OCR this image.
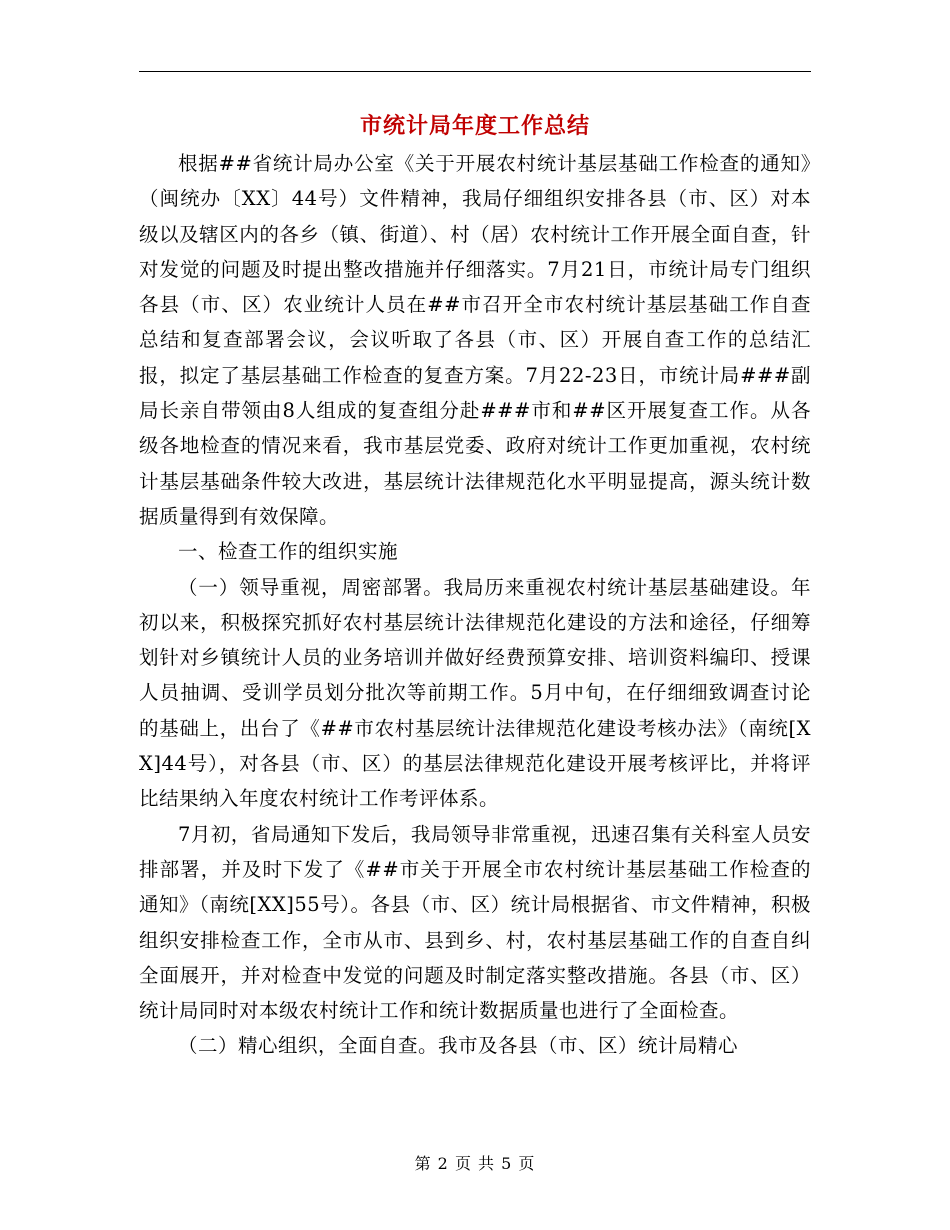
市统计局年度工作总结

根据##省统计局办公室《关于开展农村统计基层基础工作检查的通知》（闽统办〔XX〕44号）文件精神，我局仔细组织安排各县（市、区）对本级以及辖区内的各乡（镇、街道）、村（居）农村统计工作开展全面自查，针对发觉的问题及时提出整改措施并仔细落实。7月21日，市统计局专门组织各县（市、区）农业统计人员在##市召开全市农村统计基层基础工作自查总结和复查部署会议，会议听取了各县（市、区）开展自查工作的总结汇报，拟定了基层基础工作检查的复查方案。7月22-23日，市统计局###副局长亲自带领由8人组成的复查组分赴###市和##区开展复查工作。从各级各地检查的情况来看，我市基层党委、政府对统计工作更加重视，农村统计基层基础条件较大改进，基层统计法律规范化水平明显提高，源头统计数据质量得到有效保障。

一、检查工作的组织实施

（一）领导重视，周密部署。我局历来重视农村统计基层基础建设。年初以来，积极探究抓好农村基层统计法律规范化建设的方法和途径，仔细筹划针对乡镇统计人员的业务培训并做好经费预算安排、培训资料编印、授课人员抽调、受训学员划分批次等前期工作。5月中旬，在仔细细致调查讨论的基础上，出台了《##市农村基层统计法律规范化建设考核办法》（南统[XX]44号），对各县（市、区）的基层法律规范化建设开展考核评比，并将评比结果纳入年度农村统计工作考评体系。

7月初，省局通知下发后，我局领导非常重视，迅速召集有关科室人员安排部署，并及时下发了《##市关于开展全市农村统计基层基础工作检查的通知》（南统[XX]55号）。各县（市、区）统计局根据省、市文件精神，积极组织安排检查工作，全市从市、县到乡、村，农村基层基础工作的自查自纠全面展开，并对检查中发觉的问题及时制定落实整改措施。各县（市、区）统计局同时对本级农村统计工作和统计数据质量也进行了全面检查。

（二）精心组织，全面自查。我市及各县（市、区）统计局精心

第 2 页 共 5 页
